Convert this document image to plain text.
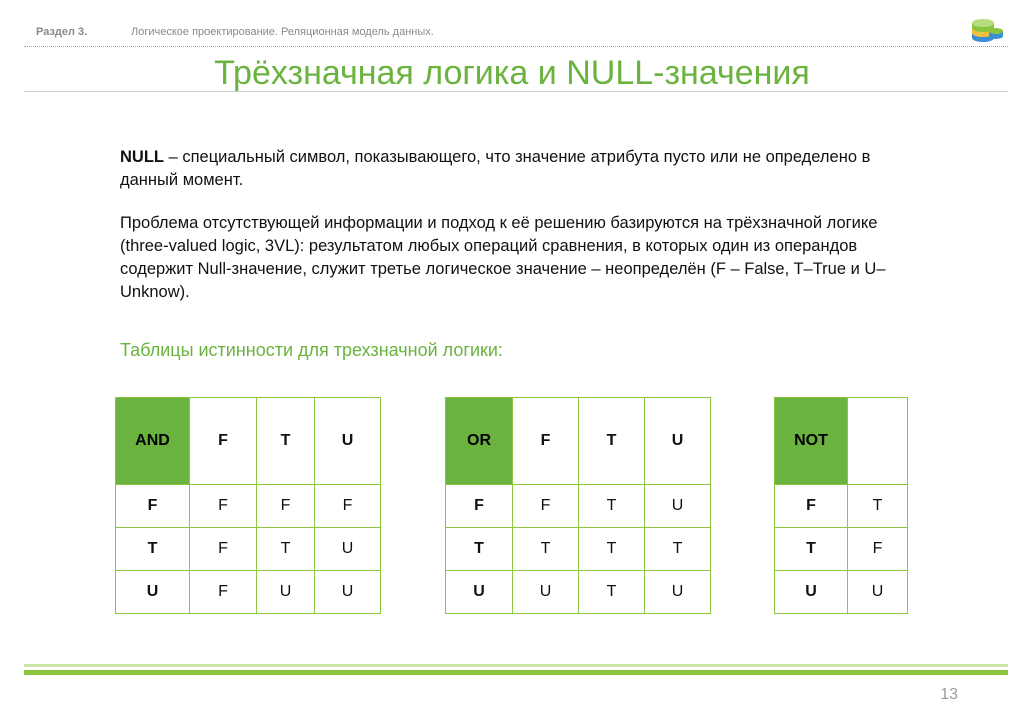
Раздел 3.	Логическое проектирование. Реляционная модель данных.
Трёхзначная логика и NULL-значения
NULL – специальный символ, показывающего, что значение атрибута пусто или не определено в данный момент.
Проблема отсутствующей информации и подход к её решению базируются на трёхзначной логике (three-valued logic, 3VL): результатом любых операций сравнения, в которых один из операндов содержит Null-значение, служит третье логическое значение – неопределён (F – False, T–True и U– Unknow).
Таблицы истинности для трехзначной логики:
AND	F	T	U
F	F	F	F
T	F	T	U
U	F	U	U
OR	F	T	U
F	F	T	U
T	T	T	T
U	U	T	U
NOT	
F	T
T	F
U	U
13
